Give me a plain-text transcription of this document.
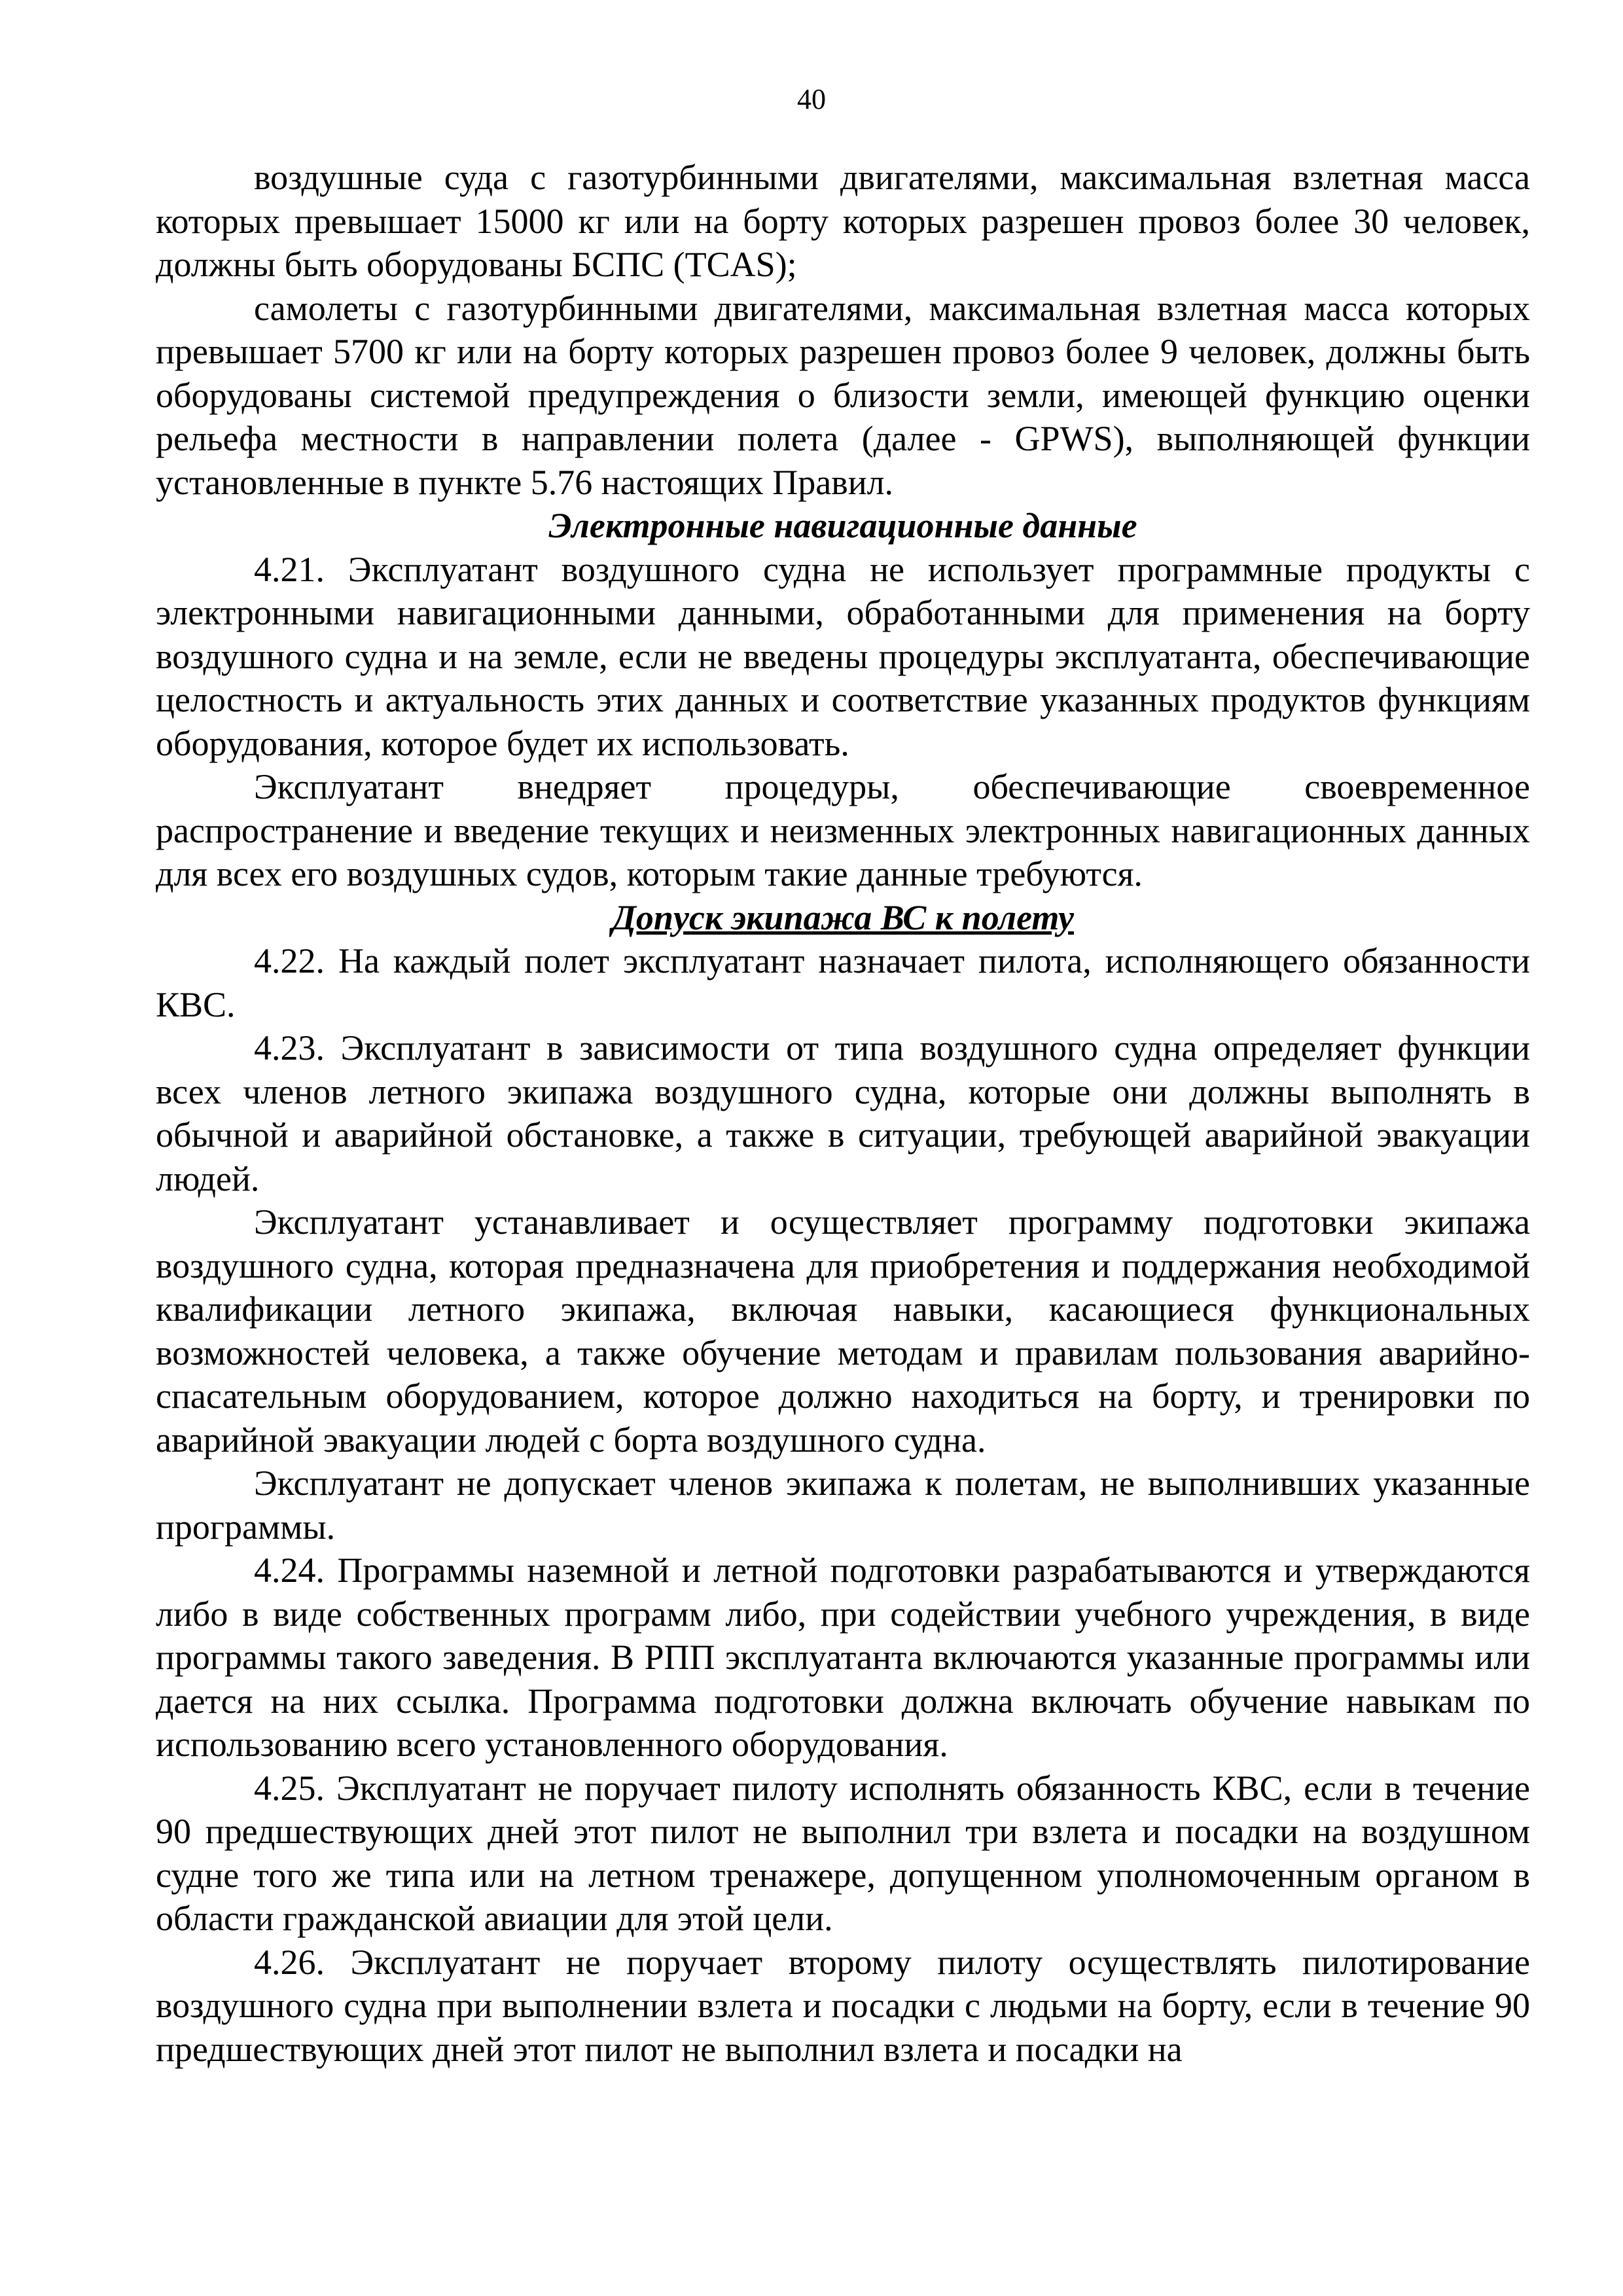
40

воздушные суда с газотурбинными двигателями, максимальная взлетная масса которых превышает 15000 кг или на борту которых разрешен провоз более 30 человек, должны быть оборудованы БСПС (TCAS);

самолеты с газотурбинными двигателями, максимальная взлетная масса которых превышает 5700 кг или на борту которых разрешен провоз более 9 человек, должны быть оборудованы системой предупреждения о близости земли, имеющей функцию оценки рельефа местности в направлении полета (далее - GPWS), выполняющей функции установленные в пункте 5.76 настоящих Правил.

Электронные навигационные данные

4.21. Эксплуатант воздушного судна не использует программные продукты с электронными навигационными данными, обработанными для применения на борту воздушного судна и на земле, если не введены процедуры эксплуатанта, обеспечивающие целостность и актуальность этих данных и соответствие указанных продуктов функциям оборудования, которое будет их использовать.

Эксплуатант внедряет процедуры, обеспечивающие своевременное распространение и введение текущих и неизменных электронных навигационных данных для всех его воздушных судов, которым такие данные требуются.

Допуск экипажа ВС к полету

4.22. На каждый полет эксплуатант назначает пилота, исполняющего обязанности КВС.

4.23. Эксплуатант в зависимости от типа воздушного судна определяет функции всех членов летного экипажа воздушного судна, которые они должны выполнять в обычной и аварийной обстановке, а также в ситуации, требующей аварийной эвакуации людей.

Эксплуатант устанавливает и осуществляет программу подготовки экипажа воздушного судна, которая предназначена для приобретения и поддержания необходимой квалификации летного экипажа, включая навыки, касающиеся функциональных возможностей человека, а также обучение методам и правилам пользования аварийно-спасательным оборудованием, которое должно находиться на борту, и тренировки по аварийной эвакуации людей с борта воздушного судна.

Эксплуатант не допускает членов экипажа к полетам, не выполнивших указанные программы.

4.24. Программы наземной и летной подготовки разрабатываются и утверждаются либо в виде собственных программ либо, при содействии учебного учреждения, в виде программы такого заведения. В РПП эксплуатанта включаются указанные программы или дается на них ссылка. Программа подготовки должна включать обучение навыкам по использованию всего установленного оборудования.

4.25. Эксплуатант не поручает пилоту исполнять обязанность КВС, если в течение 90 предшествующих дней этот пилот не выполнил три взлета и посадки на воздушном судне того же типа или на летном тренажере, допущенном уполномоченным органом в области гражданской авиации для этой цели.

4.26. Эксплуатант не поручает второму пилоту осуществлять пилотирование воздушного судна при выполнении взлета и посадки с людьми на борту, если в течение 90 предшествующих дней этот пилот не выполнил взлета и посадки на
